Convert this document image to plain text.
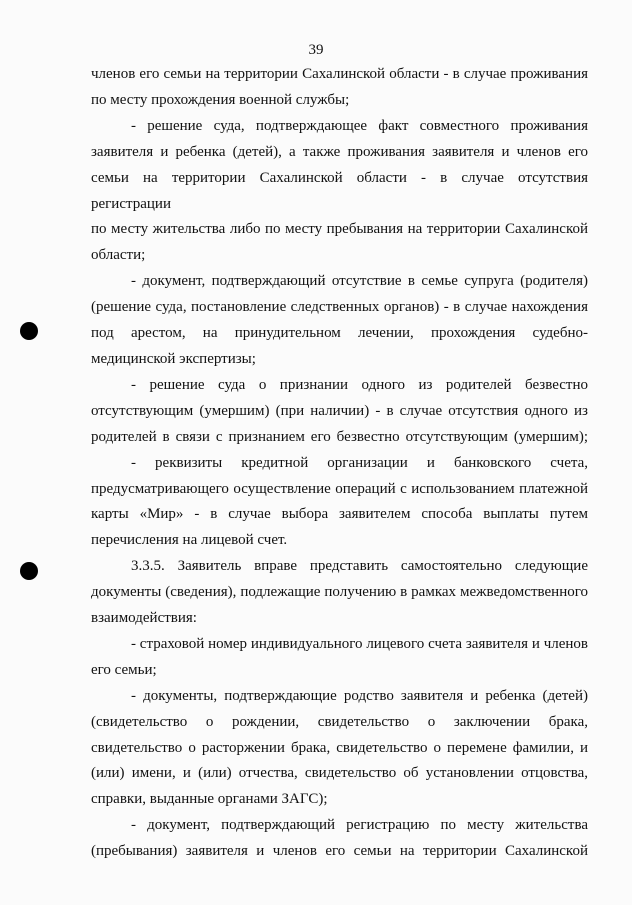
39
членов его семьи на территории Сахалинской области - в случае проживания
по месту прохождения военной службы;
- решение суда, подтверждающее факт совместного проживания
заявителя и ребенка (детей), а также проживания заявителя и членов его
семьи на территории Сахалинской области - в случае отсутствия регистрации
по месту жительства либо по месту пребывания на территории Сахалинской
области;
- документ, подтверждающий отсутствие в семье супруга (родителя)
(решение суда, постановление следственных органов) - в случае нахождения
под арестом, на принудительном лечении, прохождения судебно-
медицинской экспертизы;
- решение суда о признании одного из родителей безвестно
отсутствующим (умершим) (при наличии) - в случае отсутствия одного из
родителей в связи с признанием его безвестно отсутствующим (умершим);
- реквизиты кредитной организации и банковского счета,
предусматривающего осуществление операций с использованием платежной
карты «Мир» - в случае выбора заявителем способа выплаты путем
перечисления на лицевой счет.
3.3.5. Заявитель вправе представить самостоятельно следующие
документы (сведения), подлежащие получению в рамках межведомственного
взаимодействия:
- страховой номер индивидуального лицевого счета заявителя и членов
его семьи;
- документы, подтверждающие родство заявителя и ребенка (детей)
(свидетельство о рождении, свидетельство о заключении брака,
свидетельство о расторжении брака, свидетельство о перемене фамилии, и
(или) имени, и (или) отчества, свидетельство об установлении отцовства,
справки, выданные органами ЗАГС);
- документ, подтверждающий регистрацию по месту жительства
(пребывания) заявителя и членов его семьи на территории Сахалинской
